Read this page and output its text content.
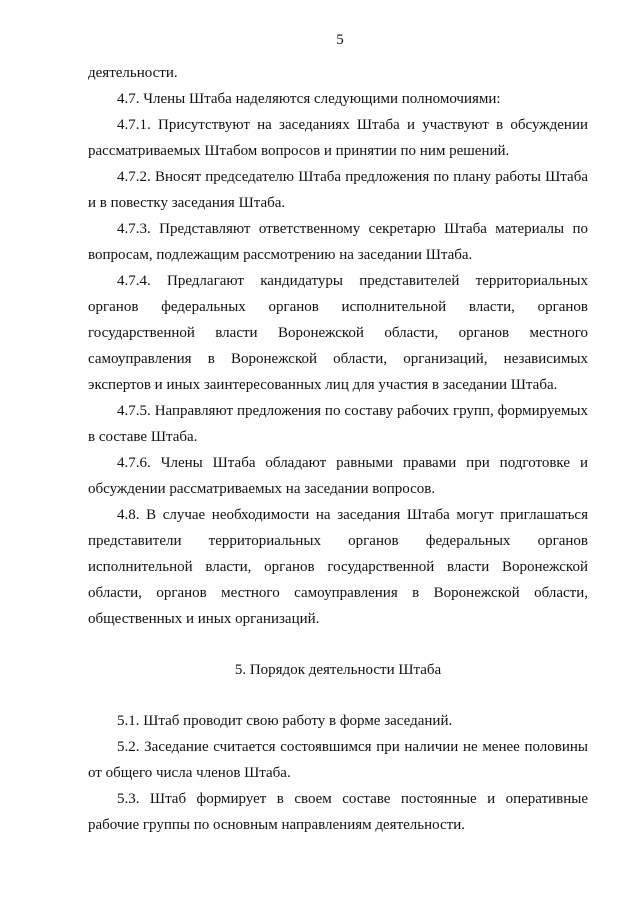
5

деятельности.

4.7. Члены Штаба наделяются следующими полномочиями:

4.7.1. Присутствуют на заседаниях Штаба и участвуют в обсуждении рассматриваемых Штабом вопросов и принятии по ним решений.

4.7.2. Вносят председателю Штаба предложения по плану работы Штаба и в повестку заседания Штаба.

4.7.3. Представляют ответственному секретарю Штаба материалы по вопросам, подлежащим рассмотрению на заседании Штаба.

4.7.4. Предлагают кандидатуры представителей территориальных органов федеральных органов исполнительной власти, органов государственной власти Воронежской области, органов местного самоуправления в Воронежской области, организаций, независимых экспертов и иных заинтересованных лиц для участия в заседании Штаба.

4.7.5. Направляют предложения по составу рабочих групп, формируемых в составе Штаба.

4.7.6. Члены Штаба обладают равными правами при подготовке и обсуждении рассматриваемых на заседании вопросов.

4.8. В случае необходимости на заседания Штаба могут приглашаться представители территориальных органов федеральных органов исполнительной власти, органов государственной власти Воронежской области, органов местного самоуправления в Воронежской области, общественных и иных организаций.

5. Порядок деятельности Штаба

5.1. Штаб проводит свою работу в форме заседаний.

5.2. Заседание считается состоявшимся при наличии не менее половины от общего числа членов Штаба.

5.3. Штаб формирует в своем составе постоянные и оперативные рабочие группы по основным направлениям деятельности.
